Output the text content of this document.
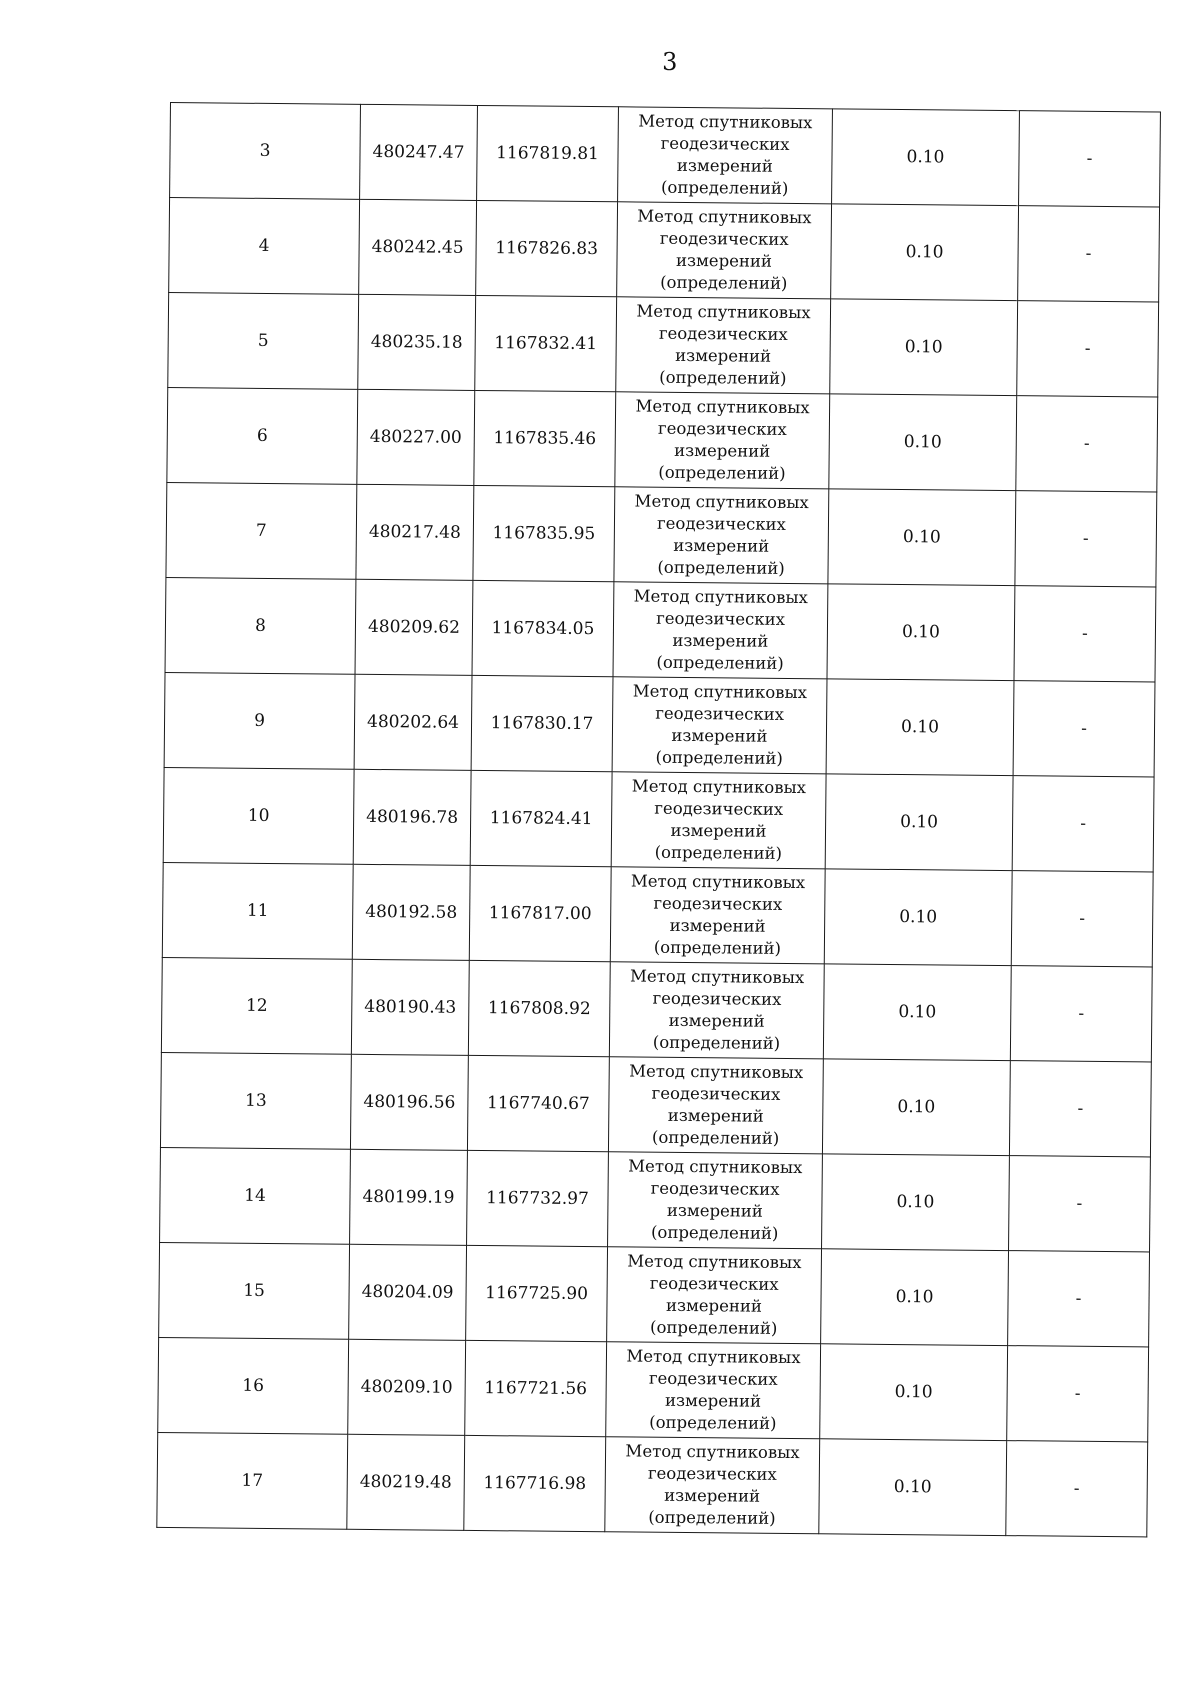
3
3	480247.47	1167819.81	Метод спутниковых геодезических измерений (определений)	0.10	-
4	480242.45	1167826.83	Метод спутниковых геодезических измерений (определений)	0.10	-
5	480235.18	1167832.41	Метод спутниковых геодезических измерений (определений)	0.10	-
6	480227.00	1167835.46	Метод спутниковых геодезических измерений (определений)	0.10	-
7	480217.48	1167835.95	Метод спутниковых геодезических измерений (определений)	0.10	-
8	480209.62	1167834.05	Метод спутниковых геодезических измерений (определений)	0.10	-
9	480202.64	1167830.17	Метод спутниковых геодезических измерений (определений)	0.10	-
10	480196.78	1167824.41	Метод спутниковых геодезических измерений (определений)	0.10	-
11	480192.58	1167817.00	Метод спутниковых геодезических измерений (определений)	0.10	-
12	480190.43	1167808.92	Метод спутниковых геодезических измерений (определений)	0.10	-
13	480196.56	1167740.67	Метод спутниковых геодезических измерений (определений)	0.10	-
14	480199.19	1167732.97	Метод спутниковых геодезических измерений (определений)	0.10	-
15	480204.09	1167725.90	Метод спутниковых геодезических измерений (определений)	0.10	-
16	480209.10	1167721.56	Метод спутниковых геодезических измерений (определений)	0.10	-
17	480219.48	1167716.98	Метод спутниковых геодезических измерений (определений)	0.10	-
